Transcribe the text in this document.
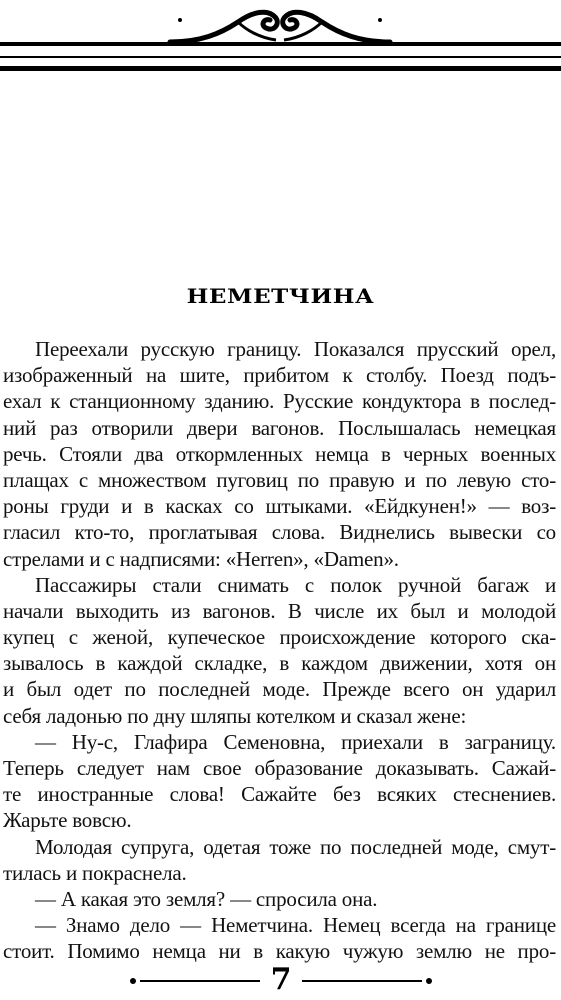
НЕМЕТЧИНА
Переехали русскую границу. Показался прусский орел,
изображенный на шите, прибитом к столбу. Поезд подъ-
ехал к станционному зданию. Русские кондуктора в послед-
ний раз отворили двери вагонов. Послышалась немецкая
речь. Стояли два откормленных немца в черных военных
плащах с множеством пуговиц по правую и по левую сто-
роны груди и в касках со штыками. «Ейдкунен!» — воз-
гласил кто-то, проглатывая слова. Виднелись вывески со
стрелами и с надписями: «Herren», «Damen».
Пассажиры стали снимать с полок ручной багаж и
начали выходить из вагонов. В числе их был и молодой
купец с женой, купеческое происхождение которого ска-
зывалось в каждой складке, в каждом движении, хотя он
и был одет по последней моде. Прежде всего он ударил
себя ладонью по дну шляпы котелком и сказал жене:
— Ну-с, Глафира Семеновна, приехали в заграницу.
Теперь следует нам свое образование доказывать. Сажай-
те иностранные слова! Сажайте без всяких стеснениев.
Жарьте вовсю.
Молодая супруга, одетая тоже по последней моде, смут-
тилась и покраснела.
— А какая это земля? — спросила она.
— Знамо дело — Неметчина. Немец всегда на границе
стоит. Помимо немца ни в какую чужую землю не про-
7
